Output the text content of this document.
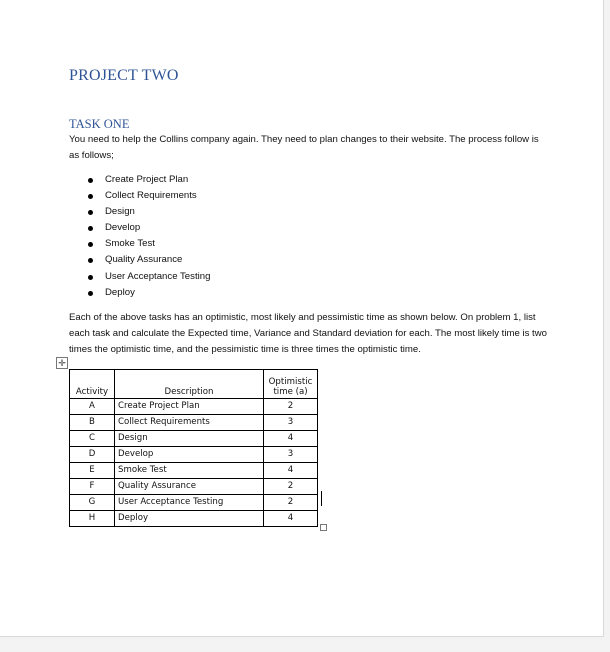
PROJECT TWO
TASK ONE
You need to help the Collins company again. They need to plan changes to their website. The process follow is as follows;
Create Project Plan
Collect Requirements
Design
Develop
Smoke Test
Quality Assurance
User Acceptance Testing
Deploy
Each of the above tasks has an optimistic, most likely and pessimistic time as shown below. On problem 1, list each task and calculate the Expected time, Variance and Standard deviation for each. The most likely time is two times the optimistic time, and the pessimistic time is three times the optimistic time.
✛
Activity	Description	Optimistic time (a)
A	Create Project Plan	2
B	Collect Requirements	3
C	Design	4
D	Develop	3
E	Smoke Test	4
F	Quality Assurance	2
G	User Acceptance Testing	2
H	Deploy	4
